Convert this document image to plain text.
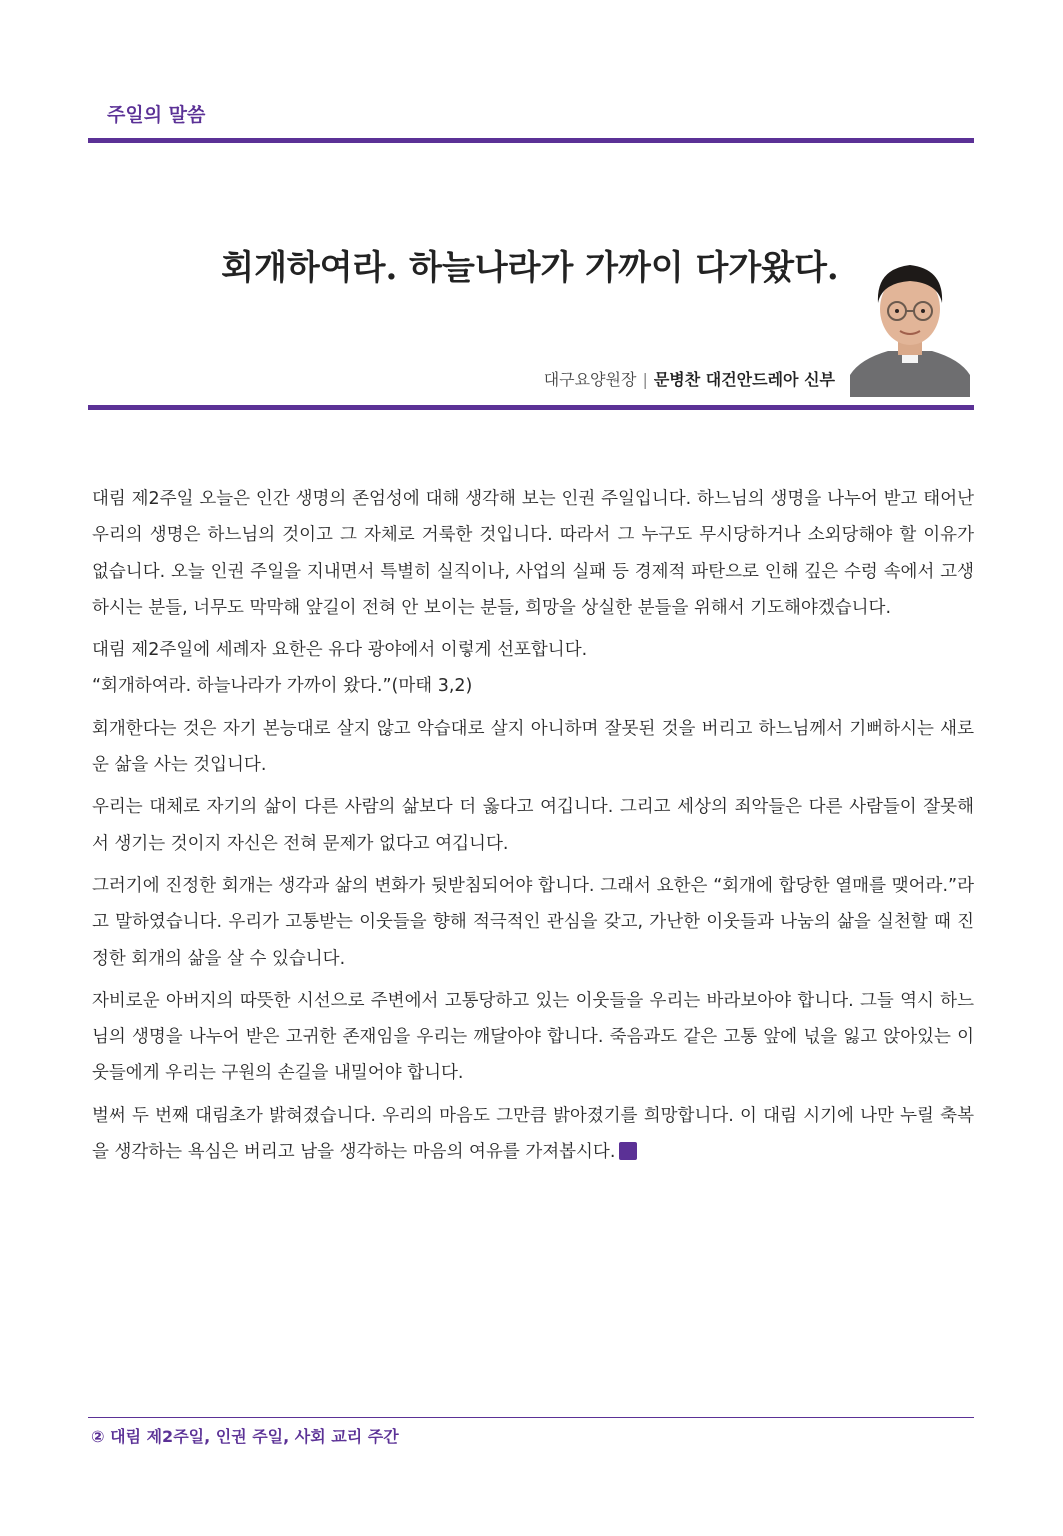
주일의 말씀
회개하여라. 하늘나라가 가까이 다가왔다.
대구요양원장 | 문병찬 대건안드레아 신부

대림 제2주일 오늘은 인간 생명의 존엄성에 대해 생각해 보는 인권 주일입니다. 하느님의 생명을 나누어 받고 태어난 우리의 생명은 하느님의 것이고 그 자체로 거룩한 것입니다. 따라서 그 누구도 무시당하거나 소외당해야 할 이유가 없습니다. 오늘 인권 주일을 지내면서 특별히 실직이나, 사업의 실패 등 경제적 파탄으로 인해 깊은 수렁 속에서 고생하시는 분들, 너무도 막막해 앞길이 전혀 안 보이는 분들, 희망을 상실한 분들을 위해서 기도해야겠습니다.

대림 제2주일에 세례자 요한은 유다 광야에서 이렇게 선포합니다.
“회개하여라. 하늘나라가 가까이 왔다.”(마태 3,2)

회개한다는 것은 자기 본능대로 살지 않고 악습대로 살지 아니하며 잘못된 것을 버리고 하느님께서 기뻐하시는 새로운 삶을 사는 것입니다.

우리는 대체로 자기의 삶이 다른 사람의 삶보다 더 옳다고 여깁니다. 그리고 세상의 죄악들은 다른 사람들이 잘못해서 생기는 것이지 자신은 전혀 문제가 없다고 여깁니다.

그러기에 진정한 회개는 생각과 삶의 변화가 뒷받침되어야 합니다. 그래서 요한은 “회개에 합당한 열매를 맺어라.”라고 말하였습니다. 우리가 고통받는 이웃들을 향해 적극적인 관심을 갖고, 가난한 이웃들과 나눔의 삶을 실천할 때 진정한 회개의 삶을 살 수 있습니다.

자비로운 아버지의 따뜻한 시선으로 주변에서 고통당하고 있는 이웃들을 우리는 바라보아야 합니다. 그들 역시 하느님의 생명을 나누어 받은 고귀한 존재임을 우리는 깨달아야 합니다. 죽음과도 같은 고통 앞에 넋을 잃고 앉아있는 이웃들에게 우리는 구원의 손길을 내밀어야 합니다.

벌써 두 번째 대림초가 밝혀졌습니다. 우리의 마음도 그만큼 밝아졌기를 희망합니다. 이 대림 시기에 나만 누릴 축복을 생각하는 욕심은 버리고 남을 생각하는 마음의 여유를 가져봅시다.

② 대림 제2주일, 인권 주일, 사회 교리 주간
